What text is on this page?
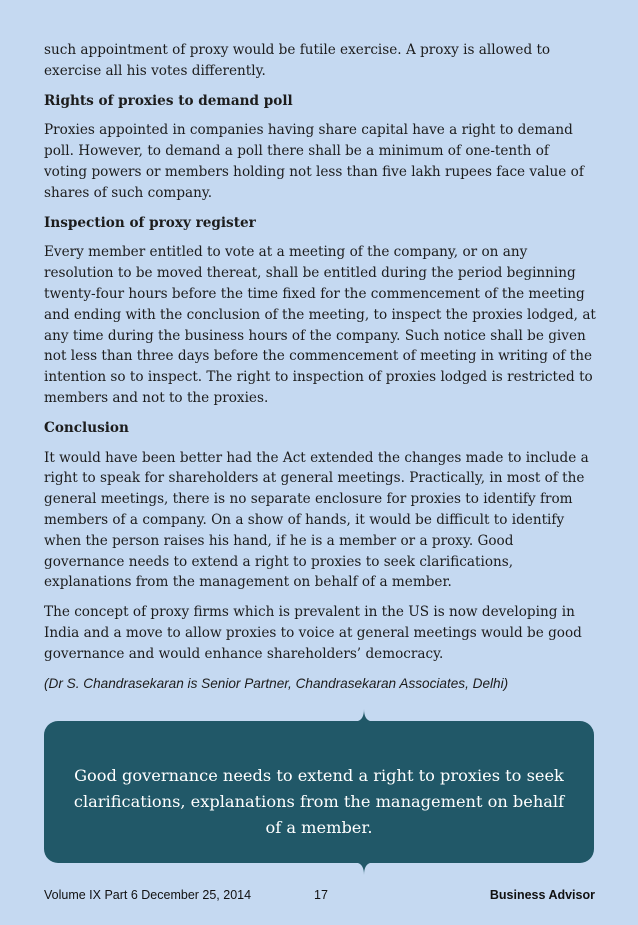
such appointment of proxy would be futile exercise. A proxy is allowed to exercise all his votes differently.

Rights of proxies to demand poll

Proxies appointed in companies having share capital have a right to demand poll. However, to demand a poll there shall be a minimum of one-tenth of voting powers or members holding not less than five lakh rupees face value of shares of such company.

Inspection of proxy register

Every member entitled to vote at a meeting of the company, or on any resolution to be moved thereat, shall be entitled during the period beginning twenty-four hours before the time fixed for the commencement of the meeting and ending with the conclusion of the meeting, to inspect the proxies lodged, at any time during the business hours of the company. Such notice shall be given not less than three days before the commencement of meeting in writing of the intention so to inspect. The right to inspection of proxies lodged is restricted to members and not to the proxies.

Conclusion

It would have been better had the Act extended the changes made to include a right to speak for shareholders at general meetings. Practically, in most of the general meetings, there is no separate enclosure for proxies to identify from members of a company. On a show of hands, it would be difficult to identify when the person raises his hand, if he is a member or a proxy. Good governance needs to extend a right to proxies to seek clarifications, explanations from the management on behalf of a member.

The concept of proxy firms which is prevalent in the US is now developing in India and a move to allow proxies to voice at general meetings would be good governance and would enhance shareholders’ democracy.

(Dr S. Chandrasekaran is Senior Partner, Chandrasekaran Associates, Delhi)

Good governance needs to extend a right to proxies to seek clarifications, explanations from the management on behalf of a member.
Volume IX Part 6 December 25, 2014	17	Business Advisor
